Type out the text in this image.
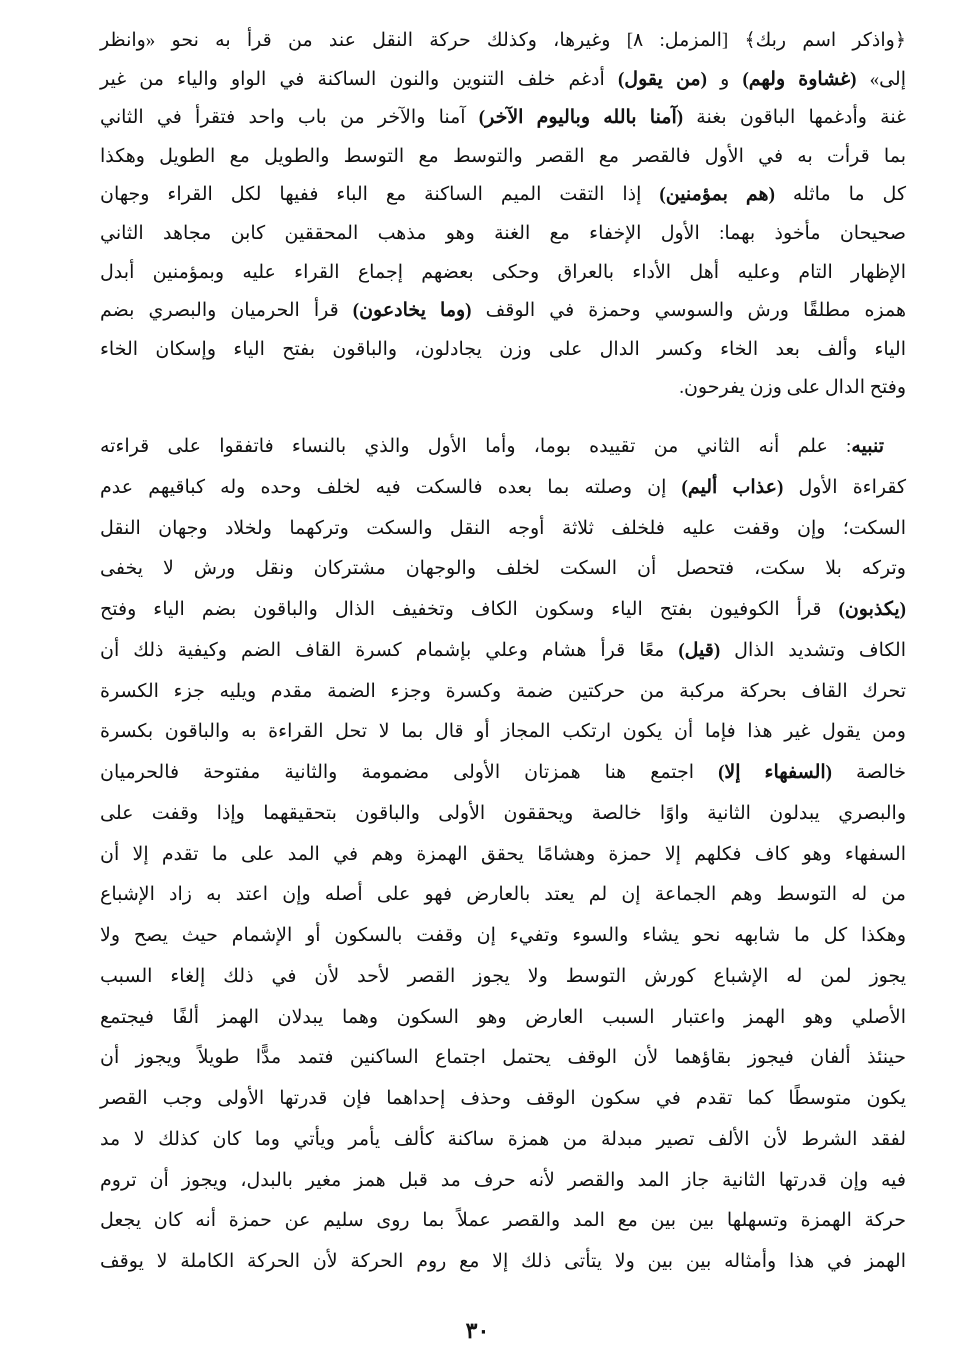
﴿واذكر اسم ربك﴾ [المزمل: ٨] وغيرها، وكذلك حركة النقل عند من قرأ به نحو «وانظر
إلى» (غشاوة ولهم) و (من يقول) أدغم خلف التنوين والنون الساكنة في الواو والياء من غير
غنة وأدغمها الباقون بغنة (آمنا بالله وباليوم الآخر) آمنا والآخر من باب واحد فتقرأ في الثاني
بما قرأت به في الأول فالقصر مع القصر والتوسط مع التوسط والطويل مع الطويل وهكذا
كل ما ماثله (هم بمؤمنين) إذا التقت الميم الساكنة مع الباء ففيها لكل القراء وجهان
صحيحان مأخوذ بهما: الأول الإخفاء مع الغنة وهو مذهب المحققين كابن مجاهد الثاني
الإظهار التام وعليه أهل الأداء بالعراق وحكى بعضهم إجماع القراء عليه وبمؤمنين أبدل
همزه مطلقًا ورش والسوسي وحمزة في الوقف (وما يخادعون) قرأ الحرميان والبصري بضم
الياء وألف بعد الخاء وكسر الدال على وزن يجادلون، والباقون بفتح الياء وإسكان الخاء
وفتح الدال على وزن يفرحون.
تنبيه: علم أنه الثاني من تقييده بوما، وأما الأول والذي بالنساء فاتفقوا على قراءته
كقراءة الأول (عذاب أليم) إن وصلته بما بعده فالسكت فيه لخلف وحده وله كباقيهم عدم
السكت؛ وإن وقفت عليه فلخلف ثلاثة أوجه النقل والسكت وتركهما ولخلاد وجهان النقل
وتركه بلا سكت، فتحصل أن السكت لخلف والوجهان مشتركان ونقل ورش لا يخفى
(يكذبون) قرأ الكوفيون بفتح الياء وسكون الكاف وتخفيف الذال والباقون بضم الياء وفتح
الكاف وتشديد الذال (قيل) معًا قرأ هشام وعلي بإشمام كسرة القاف الضم وكيفية ذلك أن
تحرك القاف بحركة مركبة من حركتين ضمة وكسرة وجزء الضمة مقدم ويليه جزء الكسرة
ومن يقول غير هذا فإما أن يكون ارتكب المجاز أو قال بما لا تحل القراءة به والباقون بكسرة
خالصة (السفهاء إلا) اجتمع هنا همزتان الأولى مضمومة والثانية مفتوحة فالحرميان
والبصري يبدلون الثانية واوًا خالصة ويحققون الأولى والباقون بتحقيقهما وإذا وقفت على
السفهاء وهو كاف فكلهم إلا حمزة وهشامًا يحقق الهمزة وهم في المد على ما تقدم إلا أن
من له التوسط وهم الجماعة إن لم يعتد بالعارض فهو على أصله وإن اعتد به زاد الإشباع
وهكذا كل ما شابهه نحو يشاء والسوء وتفيء إن وقفت بالسكون أو الإشمام حيث يصح ولا
يجوز لمن له الإشباع كورش التوسط ولا يجوز القصر لأحد لأن في ذلك إلغاء السبب
الأصلي وهو الهمز واعتبار السبب العارض وهو السكون وهما يبدلان الهمز ألفًا فيجتمع
حينئذ ألفان فيجوز بقاؤهما لأن الوقف يحتمل اجتماع الساكنين فتمد مدًّا طويلاً ويجوز أن
يكون متوسطًا كما تقدم في سكون الوقف وحذف إحداهما فإن قدرتها الأولى وجب القصر
لفقد الشرط لأن الألف تصير مبدلة من همزة ساكنة كألف يأمر ويأتي وما كان كذلك لا مد
فيه وإن قدرتها الثانية جاز المد والقصر لأنه حرف مد قبل همز مغير بالبدل، ويجوز أن تروم
حركة الهمزة وتسهلها بين بين مع المد والقصر عملاً بما روى سليم عن حمزة أنه كان يجعل
الهمز في هذا وأمثاله بين بين ولا يتأتى ذلك إلا مع روم الحركة لأن الحركة الكاملة لا يوقف
٣٠
